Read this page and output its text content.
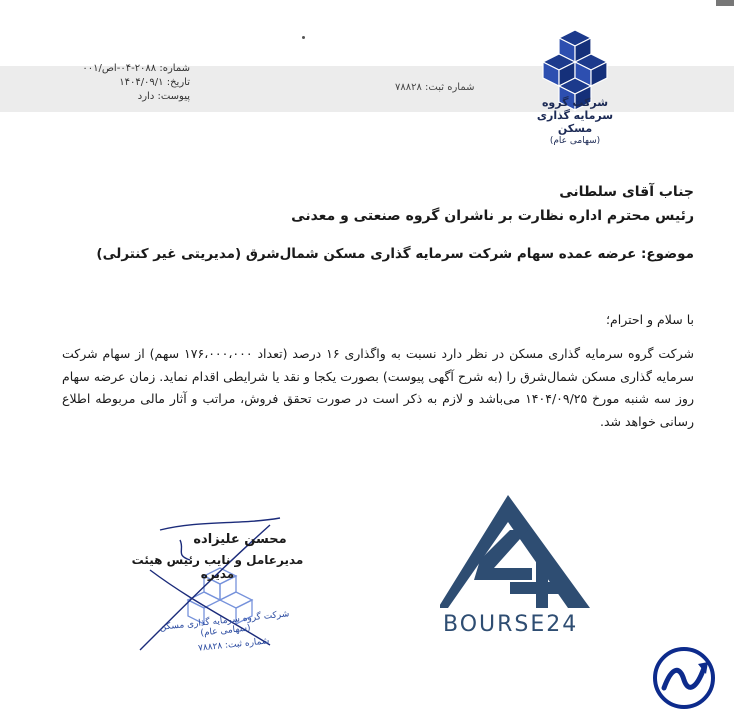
شرکت گروه
سرمایه گذاری
مسکن
(سهامی عام)
شماره ثبت: ۷۸۸۲۸
شماره: ۲۰۸۸-۰۴-اص/۰۰۱
تاریخ: ۱۴۰۴/۰۹/۱
پیوست: دارد
جناب آقای سلطانی
رئیس محترم اداره نظارت بر ناشران گروه صنعتی و معدنی
موضوع: عرضه عمده سهام شرکت سرمایه گذاری مسکن شمال‌شرق (مدیریتی غیر کنترلی)
با سلام و احترام؛
شرکت گروه سرمایه گذاری مسکن در نظر دارد نسبت به واگذاری ۱۶ درصد (تعداد ۱۷۶،۰۰۰،۰۰۰ سهم) از سهام شرکت سرمایه گذاری مسکن شمال‌شرق را (به شرح آگهی پیوست) بصورت یکجا و نقد یا شرایطی اقدام نماید. زمان عرضه سهام روز سه شنبه مورخ ۱۴۰۴/۰۹/۲۵ می‌باشد و لازم به ذکر است در صورت تحقق فروش، مراتب و آثار مالی مربوطه اطلاع رسانی خواهد شد.
محسن علیزاده
مدیرعامل و نایب رئیس هیئت مدیره
شرکت گروه سرمایه گذاری مسکن (سهامی عام)
شماره ثبت: ۷۸۸۲۸
BOURSE24
